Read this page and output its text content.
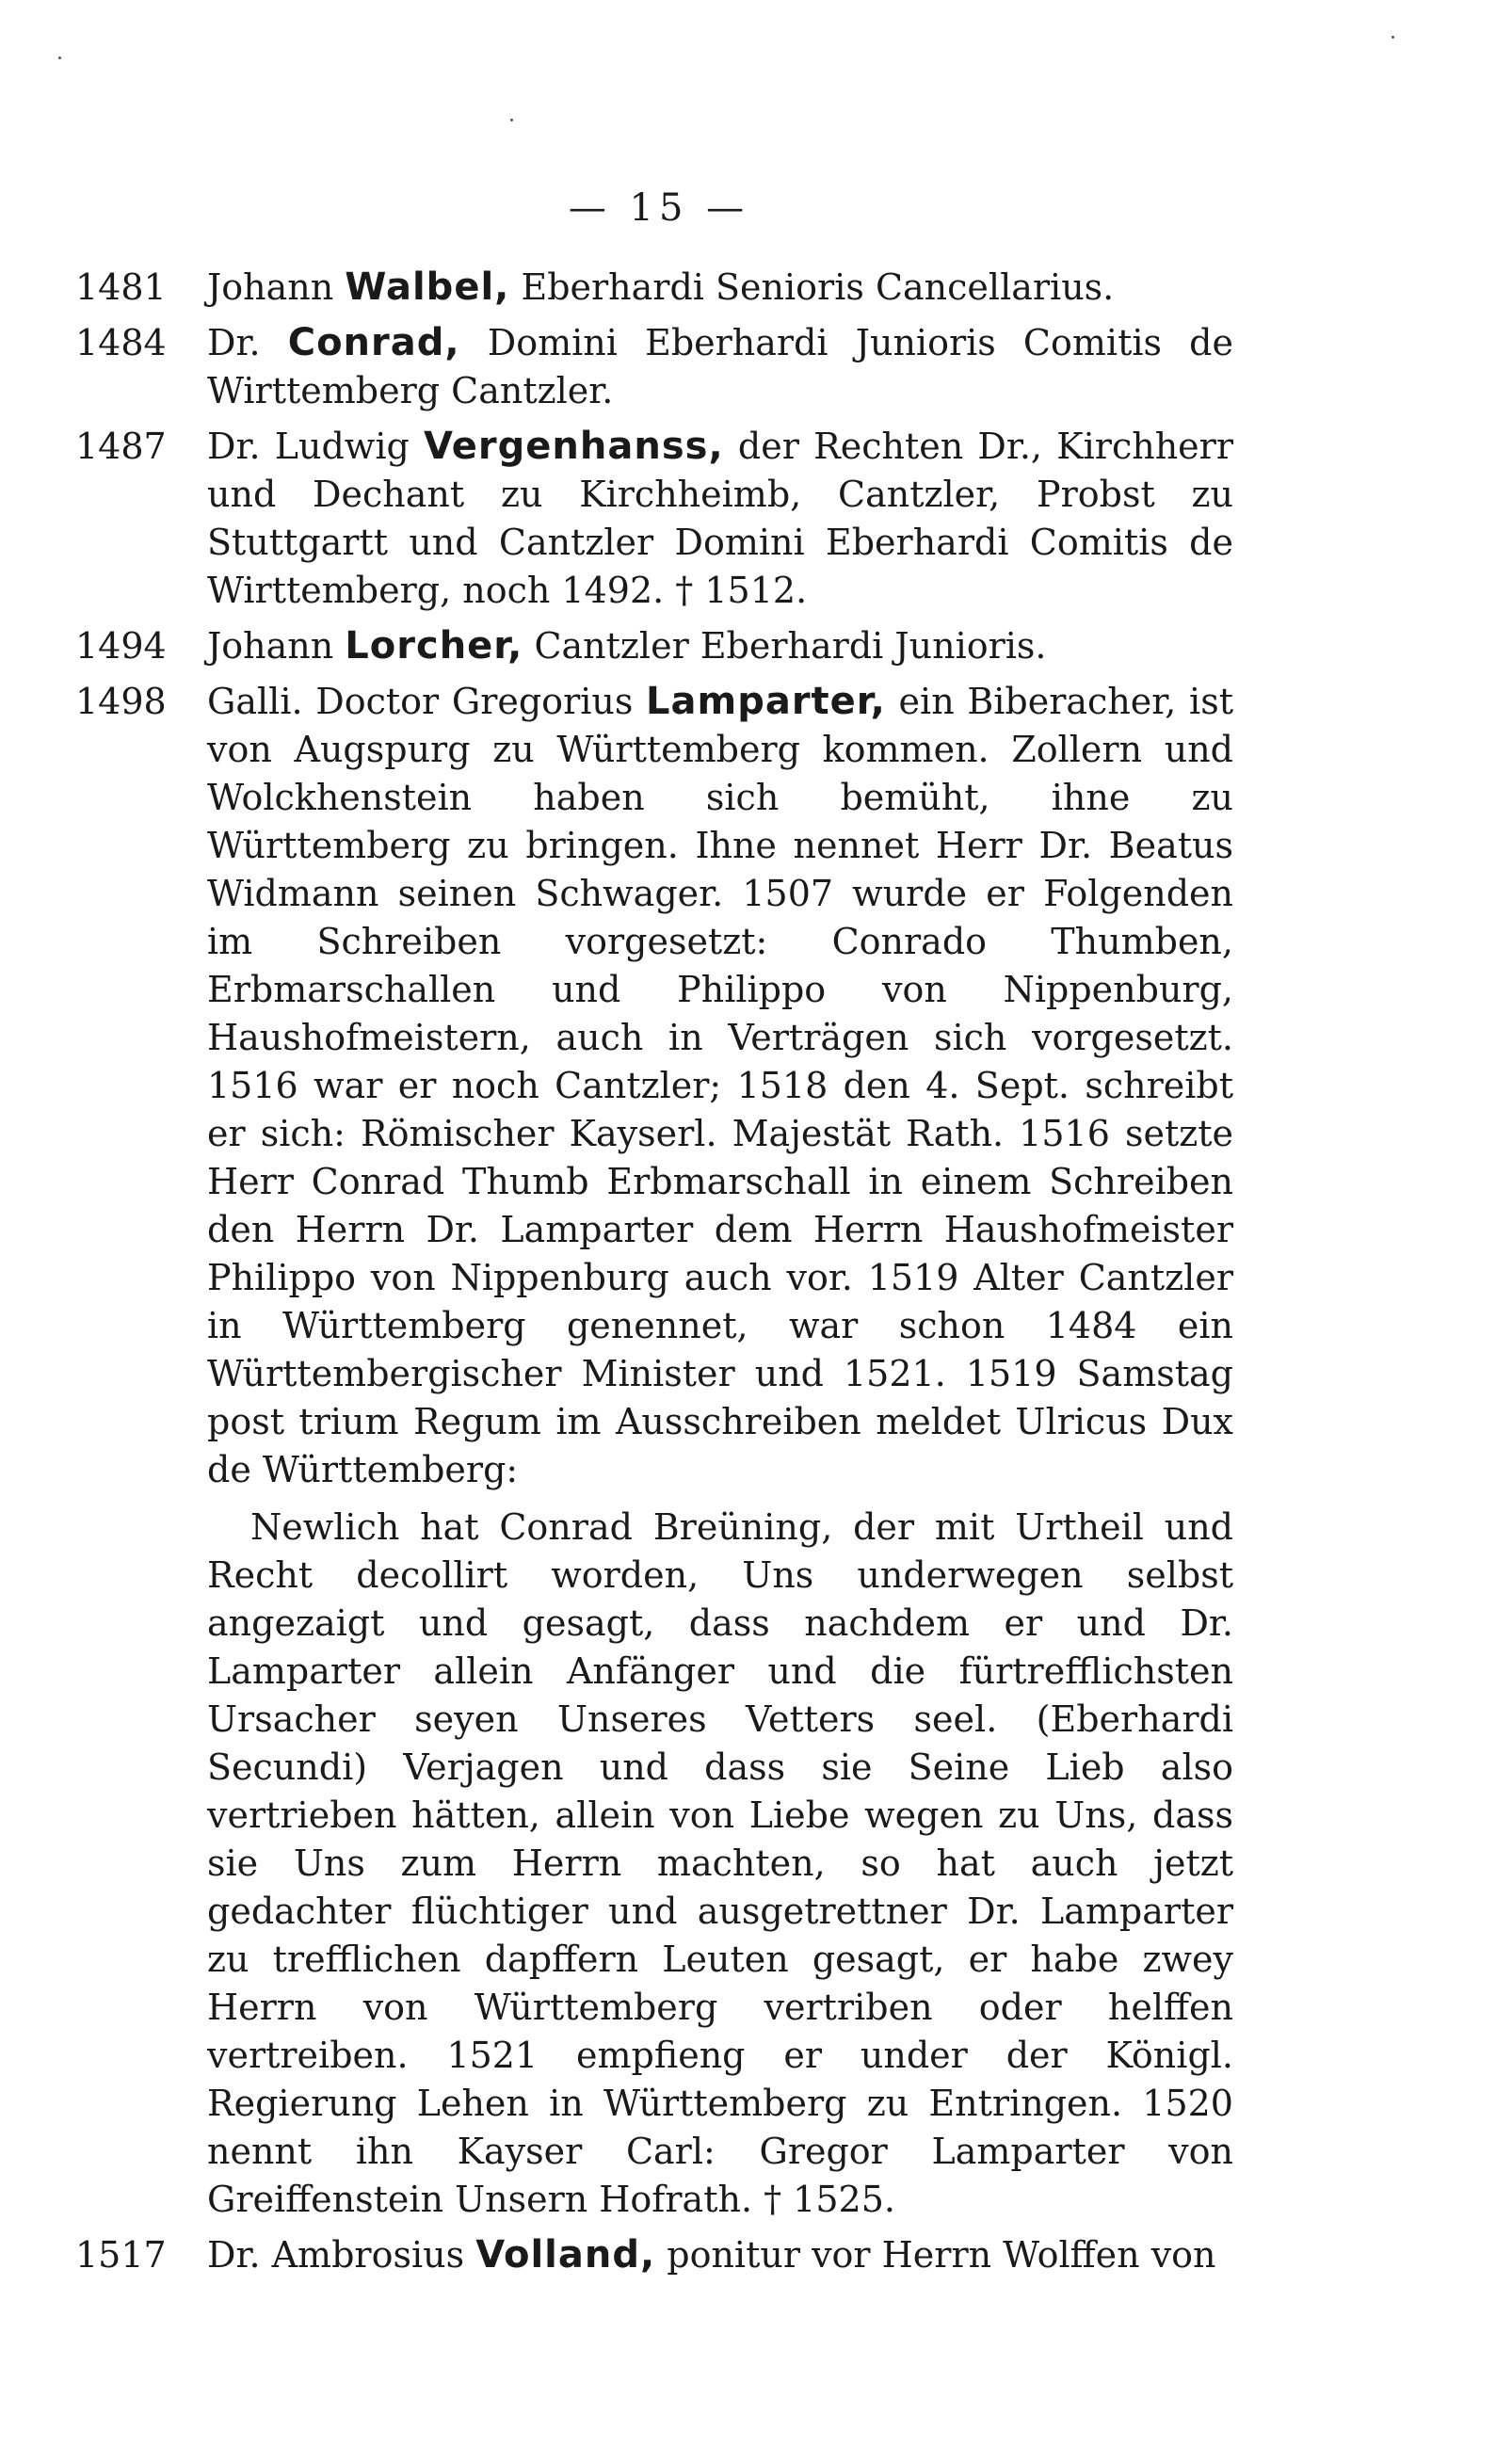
— 15 —
1481 Johann Walbel, Eberhardi Senioris Cancellarius.
1484 Dr. Conrad, Domini Eberhardi Junioris Comitis de Wirttemberg Cantzler.
1487 Dr. Ludwig Vergenhanss, der Rechten Dr., Kirchherr und Dechant zu Kirchheimb, Cantzler, Probst zu Stuttgartt und Cantzler Domini Eberhardi Comitis de Wirttemberg, noch 1492. † 1512.
1494 Johann Lorcher, Cantzler Eberhardi Junioris.
1498 Galli. Doctor Gregorius Lamparter, ein Biberacher, ist von Augspurg zu Württemberg kommen. Zollern und Wolckhenstein haben sich bemüht, ihne zu Württemberg zu bringen. Ihne nennet Herr Dr. Beatus Widmann seinen Schwager. 1507 wurde er Folgenden im Schreiben vorgesetzt: Conrado Thumben, Erbmarschallen und Philippo von Nippenburg, Haushofmeistern, auch in Verträgen sich vorgesetzt. 1516 war er noch Cantzler; 1518 den 4. Sept. schreibt er sich: Römischer Kayserl. Majestät Rath. 1516 setzte Herr Conrad Thumb Erbmarschall in einem Schreiben den Herrn Dr. Lamparter dem Herrn Haushofmeister Philippo von Nippenburg auch vor. 1519 Alter Cantzler in Württemberg genennet, war schon 1484 ein Württembergischer Minister und 1521. 1519 Samstag post trium Regum im Ausschreiben meldet Ulricus Dux de Württemberg:
Newlich hat Conrad Breüning, der mit Urtheil und Recht decollirt worden, Uns underwegen selbst angezaigt und gesagt, dass nachdem er und Dr. Lamparter allein Anfänger und die fürtrefflichsten Ursacher seyen Unseres Vetters seel. (Eberhardi Secundi) Verjagen und dass sie Seine Lieb also vertrieben hätten, allein von Liebe wegen zu Uns, dass sie Uns zum Herrn machten, so hat auch jetzt gedachter flüchtiger und ausgetrettner Dr. Lamparter zu trefflichen dapffern Leuten gesagt, er habe zwey Herrn von Württemberg vertriben oder helffen vertreiben. 1521 empfieng er under der Königl. Regierung Lehen in Württemberg zu Entringen. 1520 nennt ihn Kayser Carl: Gregor Lamparter von Greiffenstein Unsern Hofrath. † 1525.
1517 Dr. Ambrosius Volland, ponitur vor Herrn Wolffen von
